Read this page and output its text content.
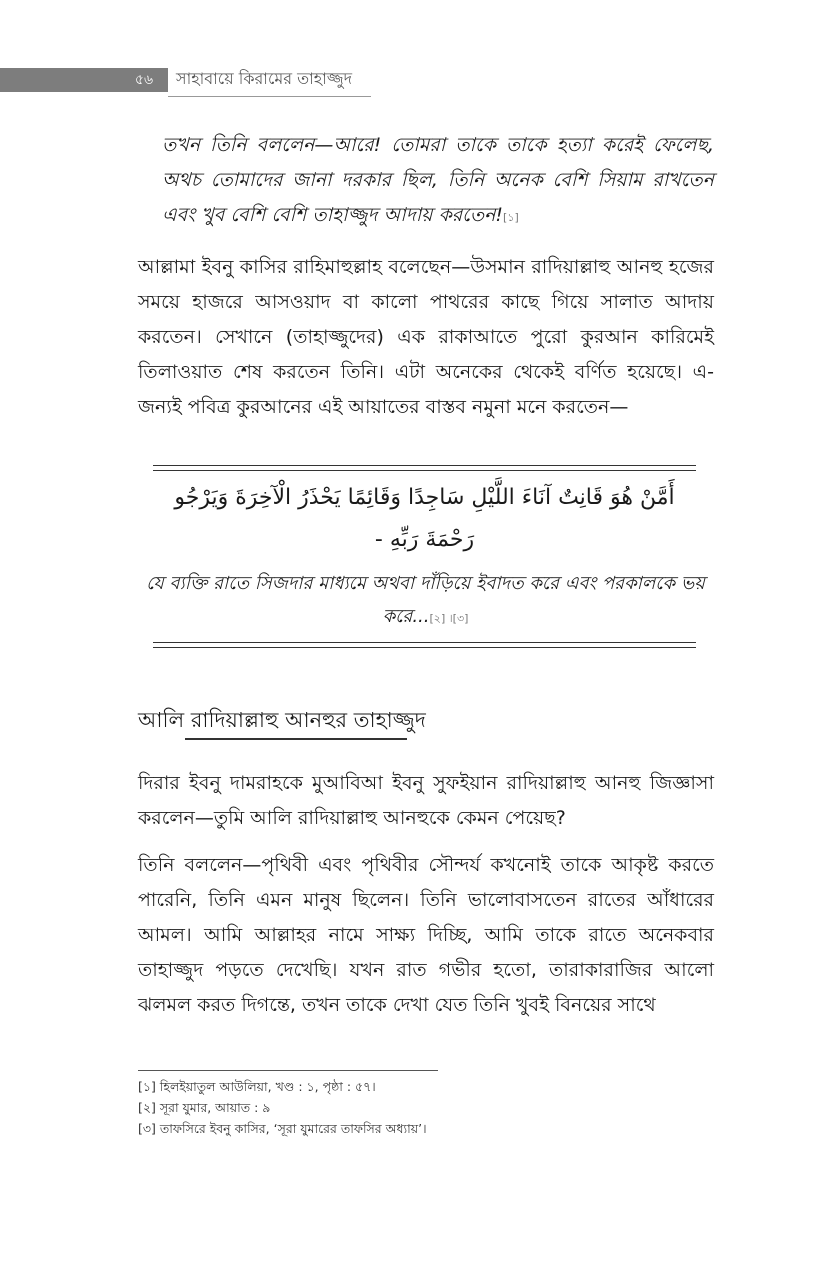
৫৬	সাহাবায়ে কিরামের তাহাজ্জুদ
তখন তিনি বললেন—আরে! তোমরা তাকে তাকে হত্যা করেই ফেলেছ, অথচ তোমাদের জানা দরকার ছিল, তিনি অনেক বেশি সিয়াম রাখতেন এবং খুব বেশি বেশি তাহাজ্জুদ আদায় করতেন![১]
আল্লামা ইবনু কাসির রাহিমাহুল্লাহ বলেছেন—উসমান রাদিয়াল্লাহু আনহু হজের সময়ে হাজরে আসওয়াদ বা কালো পাথরের কাছে গিয়ে সালাত আদায় করতেন। সেখানে (তাহাজ্জুদের) এক রাকাআতে পুরো কুরআন কারিমেই তিলাওয়াত শেষ করতেন তিনি। এটা অনেকের থেকেই বর্ণিত হয়েছে। এ-জন্যই পবিত্র কুরআনের এই আয়াতের বাস্তব নমুনা মনে করতেন—
أَمَّنْ هُوَ قَانِتٌ آنَاءَ اللَّيْلِ سَاجِدًا وَقَائِمًا يَحْذَرُ الْآخِرَةَ وَيَرْجُو رَحْمَةَ رَبِّهِ -
যে ব্যক্তি রাতে সিজদার মাধ্যমে অথবা দাঁড়িয়ে ইবাদত করে এবং পরকালকে ভয় করে...[২] ।[৩]
আলি রাদিয়াল্লাহু আনহুর তাহাজ্জুদ
দিরার ইবনু দামরাহকে মুআবিআ ইবনু সুফইয়ান রাদিয়াল্লাহু আনহু জিজ্ঞাসা করলেন—তুমি আলি রাদিয়াল্লাহু আনহুকে কেমন পেয়েছ?
তিনি বললেন—পৃথিবী এবং পৃথিবীর সৌন্দর্য কখনোই তাকে আকৃষ্ট করতে পারেনি, তিনি এমন মানুষ ছিলেন। তিনি ভালোবাসতেন রাতের আঁধারের আমল। আমি আল্লাহর নামে সাক্ষ্য দিচ্ছি, আমি তাকে রাতে অনেকবার তাহাজ্জুদ পড়তে দেখেছি। যখন রাত গভীর হতো, তারাকারাজির আলো ঝলমল করত দিগন্তে, তখন তাকে দেখা যেত তিনি খুবই বিনয়ের সাথে
[১] হিলইয়াতুল আউলিয়া, খণ্ড : ১, পৃষ্ঠা : ৫৭।
[২] সূরা যুমার, আয়াত : ৯
[৩] তাফসিরে ইবনু কাসির, ‘সূরা যুমারের তাফসির অধ্যায়’।
